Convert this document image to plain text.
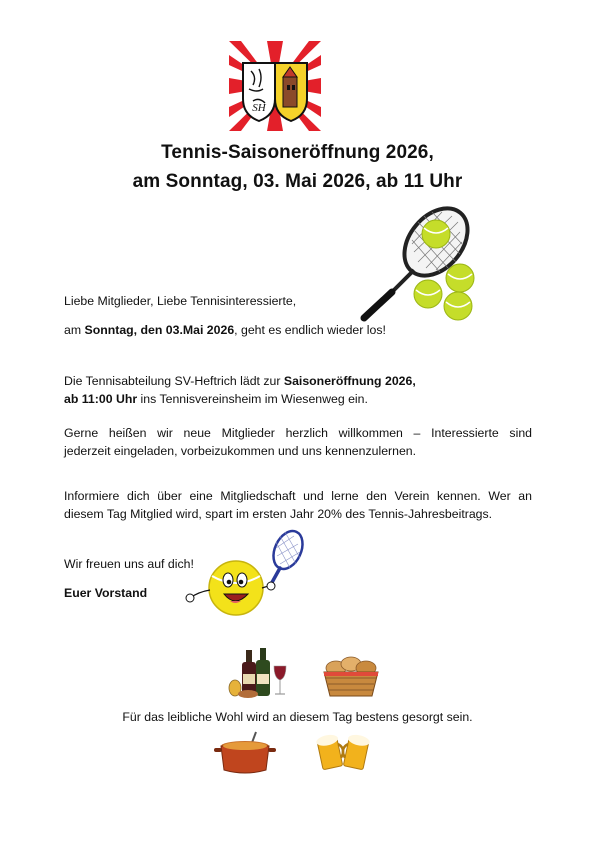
SH
Tennis-Saisoneröffnung 2026,
am Sonntag, 03. Mai 2026, ab 11 Uhr
Liebe Mitglieder, Liebe Tennisinteressierte,
am Sonntag, den 03.Mai 2026, geht es endlich wieder los!
Die Tennisabteilung SV-Heftrich lädt zur Saisoneröffnung 2026,
ab 11:00 Uhr ins Tennisvereinsheim im Wiesenweg ein.
Gerne heißen wir neue Mitglieder herzlich willkommen – Interessierte sind
jederzeit eingeladen, vorbeizukommen und uns kennenzulernen.
Informiere dich über eine Mitgliedschaft und lerne den Verein kennen. Wer an
diesem Tag Mitglied wird, spart im ersten Jahr 20% des Tennis-Jahresbeitrags.
Wir freuen uns auf dich!
Euer Vorstand
Für das leibliche Wohl wird an diesem Tag bestens gesorgt sein.
